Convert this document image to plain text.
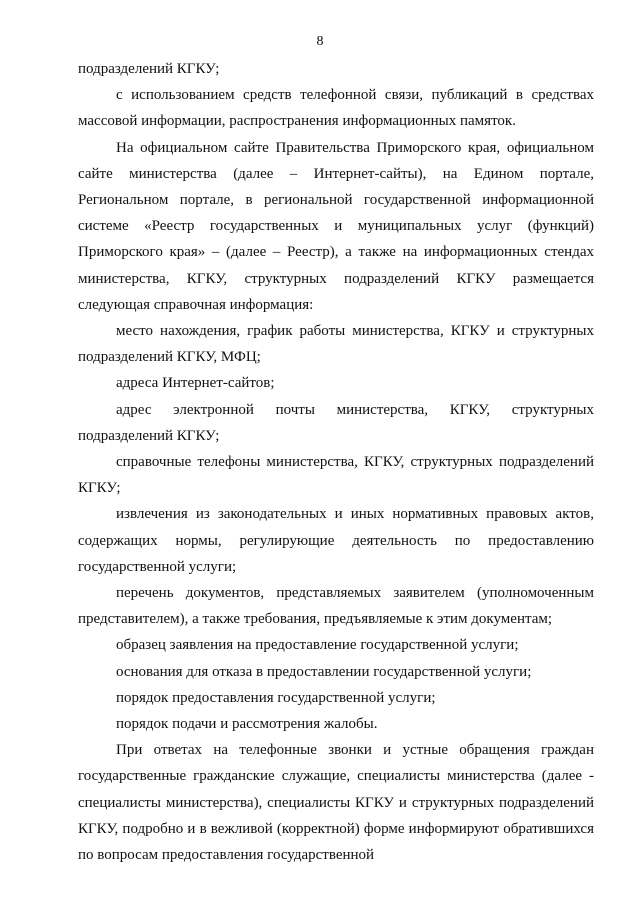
8

подразделений КГКУ;

с использованием средств телефонной связи, публикаций в средствах массовой информации, распространения информационных памяток.

На официальном сайте Правительства Приморского края, официальном сайте министерства (далее – Интернет-сайты), на Едином портале, Региональном портале, в региональной государственной информационной системе «Реестр государственных и муниципальных услуг (функций) Приморского края» – (далее – Реестр), а также на информационных стендах министерства, КГКУ, структурных подразделений КГКУ размещается следующая справочная информация:

место нахождения, график работы министерства, КГКУ и структурных подразделений КГКУ, МФЦ;

адреса Интернет-сайтов;

адрес электронной почты министерства, КГКУ, структурных подразделений КГКУ;

справочные телефоны министерства, КГКУ, структурных подразделений КГКУ;

извлечения из законодательных и иных нормативных правовых актов, содержащих нормы, регулирующие деятельность по предоставлению государственной услуги;

перечень документов, представляемых заявителем (уполномоченным представителем), а также требования, предъявляемые к этим документам;

образец заявления на предоставление государственной услуги;

основания для отказа в предоставлении государственной услуги;

порядок предоставления государственной услуги;

порядок подачи и рассмотрения жалобы.

При ответах на телефонные звонки и устные обращения граждан государственные гражданские служащие, специалисты министерства (далее - специалисты министерства), специалисты КГКУ и структурных подразделений КГКУ, подробно и в вежливой (корректной) форме информируют обратившихся по вопросам предоставления государственной
